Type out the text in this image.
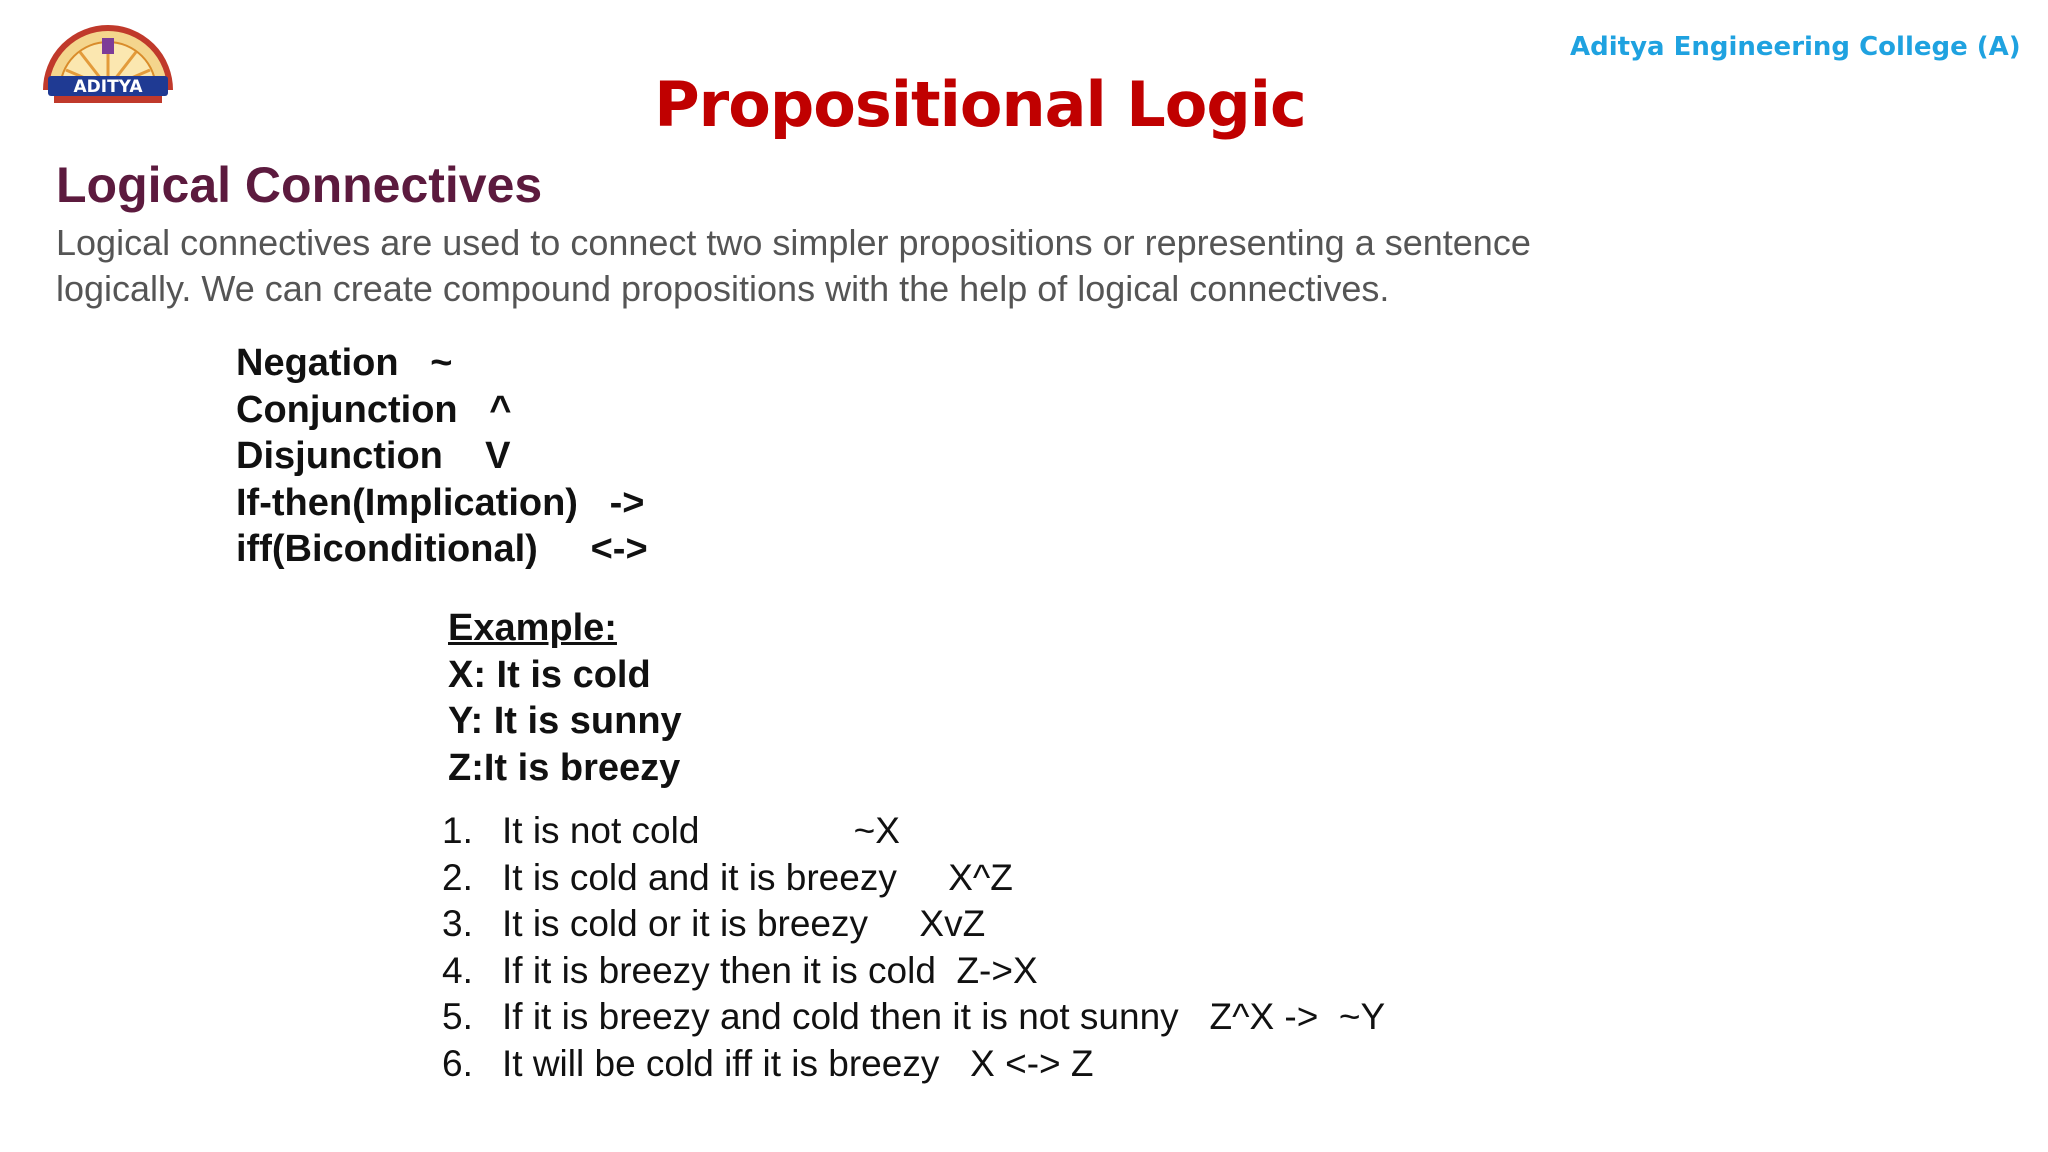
ADITYA
Aditya Engineering College (A)
Propositional Logic
Logical Connectives

Logical connectives are used to connect two simpler propositions or representing a sentence

logically. We can create compound propositions with the help of logical connectives.

Negation   ~
Conjunction   ^
Disjunction    V
If-then(Implication)   ->
iff(Biconditional)     <->
Example:
X: It is cold
Y: It is sunny
Z:It is breezy
1. It is not cold               ~X
2. It is cold and it is breezy     X^Z
3. It is cold or it is breezy     XvZ
4. If it is breezy then it is cold  Z->X
5. If it is breezy and cold then it is not sunny   Z^X ->  ~Y
6. It will be cold iff it is breezy   X <-> Z
